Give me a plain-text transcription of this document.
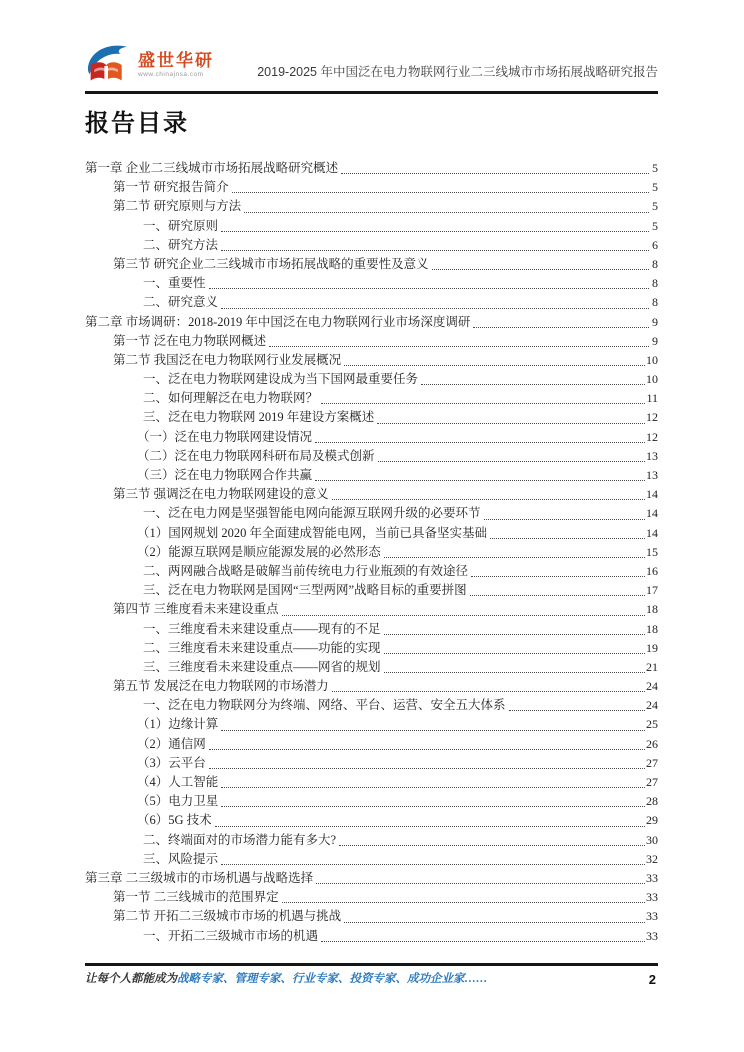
盛世华研
www.chinajnsa.com	2019-2025 年中国泛在电力物联网行业二三线城市市场拓展战略研究报告
报告目录
第一章 企业二三线城市市场拓展战略研究概述	5
第一节 研究报告简介	5
第二节 研究原则与方法	5
一、研究原则	5
二、研究方法	6
第三节 研究企业二三线城市市场拓展战略的重要性及意义	8
一、重要性	8
二、研究意义	8
第二章 市场调研：2018-2019 年中国泛在电力物联网行业市场深度调研	9
第一节 泛在电力物联网概述	9
第二节 我国泛在电力物联网行业发展概况	10
一、泛在电力物联网建设成为当下国网最重要任务	10
二、如何理解泛在电力物联网？	11
三、泛在电力物联网 2019 年建设方案概述	12
（一）泛在电力物联网建设情况	12
（二）泛在电力物联网科研布局及模式创新	13
（三）泛在电力物联网合作共赢	13
第三节 强调泛在电力物联网建设的意义	14
一、泛在电力网是坚强智能电网向能源互联网升级的必要环节	14
（1）国网规划 2020 年全面建成智能电网，当前已具备坚实基础	14
（2）能源互联网是顺应能源发展的必然形态	15
二、两网融合战略是破解当前传统电力行业瓶颈的有效途径	16
三、泛在电力物联网是国网“三型两网”战略目标的重要拼图	17
第四节 三维度看未来建设重点	18
一、三维度看未来建设重点——现有的不足	18
二、三维度看未来建设重点——功能的实现	19
三、三维度看未来建设重点——网省的规划	21
第五节 发展泛在电力物联网的市场潜力	24
一、泛在电力物联网分为终端、网络、平台、运营、安全五大体系	24
（1）边缘计算	25
（2）通信网	26
（3）云平台	27
（4）人工智能	27
（5）电力卫星	28
（6）5G 技术	29
二、终端面对的市场潜力能有多大?	30
三、风险提示	32
第三章 二三级城市的市场机遇与战略选择	33
第一节 二三线城市的范围界定	33
第二节 开拓二三级城市市场的机遇与挑战	33
一、开拓二三级城市市场的机遇	33
让每个人都能成为战略专家、管理专家、行业专家、投资专家、成功企业家……	2
